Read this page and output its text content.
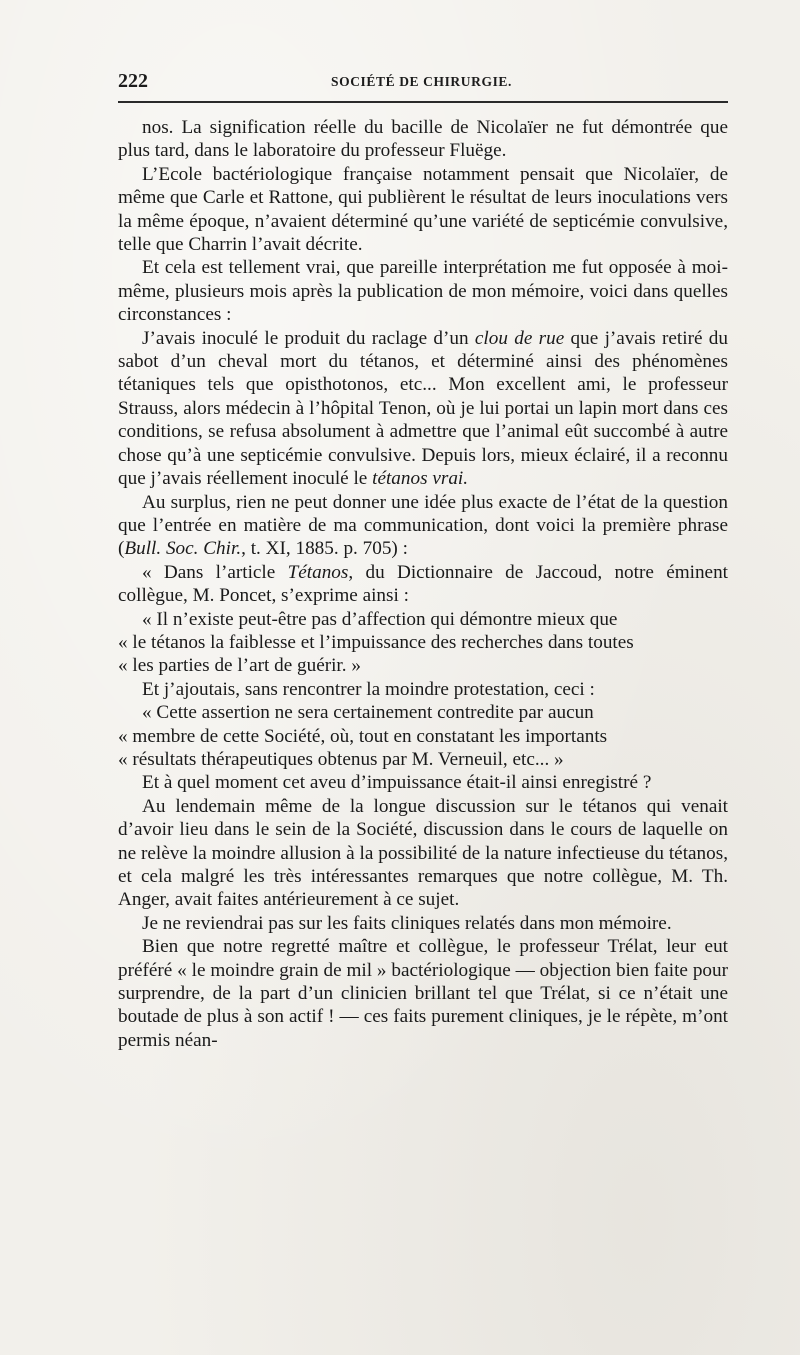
222	SOCIÉTÉ DE CHIRURGIE.

nos. La signification réelle du bacille de Nicolaïer ne fut démontrée que plus tard, dans le laboratoire du professeur Fluëge.

L’Ecole bactériologique française notamment pensait que Nicolaïer, de même que Carle et Rattone, qui publièrent le résultat de leurs inoculations vers la même époque, n’avaient déterminé qu’une variété de septicémie convulsive, telle que Charrin l’avait décrite.

Et cela est tellement vrai, que pareille interprétation me fut opposée à moi-même, plusieurs mois après la publication de mon mémoire, voici dans quelles circonstances :

J’avais inoculé le produit du raclage d’un clou de rue que j’avais retiré du sabot d’un cheval mort du tétanos, et déterminé ainsi des phénomènes tétaniques tels que opisthotonos, etc... Mon excellent ami, le professeur Strauss, alors médecin à l’hôpital Tenon, où je lui portai un lapin mort dans ces conditions, se refusa absolument à admettre que l’animal eût succombé à autre chose qu’à une septicémie convulsive. Depuis lors, mieux éclairé, il a reconnu que j’avais réellement inoculé le tétanos vrai.

Au surplus, rien ne peut donner une idée plus exacte de l’état de la question que l’entrée en matière de ma communication, dont voici la première phrase (Bull. Soc. Chir., t. XI, 1885. p. 705) :

« Dans l’article Tétanos, du Dictionnaire de Jaccoud, notre éminent collègue, M. Poncet, s’exprime ainsi :

« Il n’existe peut-être pas d’affection qui démontre mieux que

« le tétanos la faiblesse et l’impuissance des recherches dans toutes

« les parties de l’art de guérir. »

Et j’ajoutais, sans rencontrer la moindre protestation, ceci :

« Cette assertion ne sera certainement contredite par aucun

« membre de cette Société, où, tout en constatant les importants

« résultats thérapeutiques obtenus par M. Verneuil, etc... »

Et à quel moment cet aveu d’impuissance était-il ainsi enregistré ?

Au lendemain même de la longue discussion sur le tétanos qui venait d’avoir lieu dans le sein de la Société, discussion dans le cours de laquelle on ne relève la moindre allusion à la possibilité de la nature infectieuse du tétanos, et cela malgré les très intéressantes remarques que notre collègue, M. Th. Anger, avait faites antérieurement à ce sujet.

Je ne reviendrai pas sur les faits cliniques relatés dans mon mémoire.

Bien que notre regretté maître et collègue, le professeur Trélat, leur eut préféré « le moindre grain de mil » bactériologique — objection bien faite pour surprendre, de la part d’un clinicien brillant tel que Trélat, si ce n’était une boutade de plus à son actif ! — ces faits purement cliniques, je le répète, m’ont permis néan-
